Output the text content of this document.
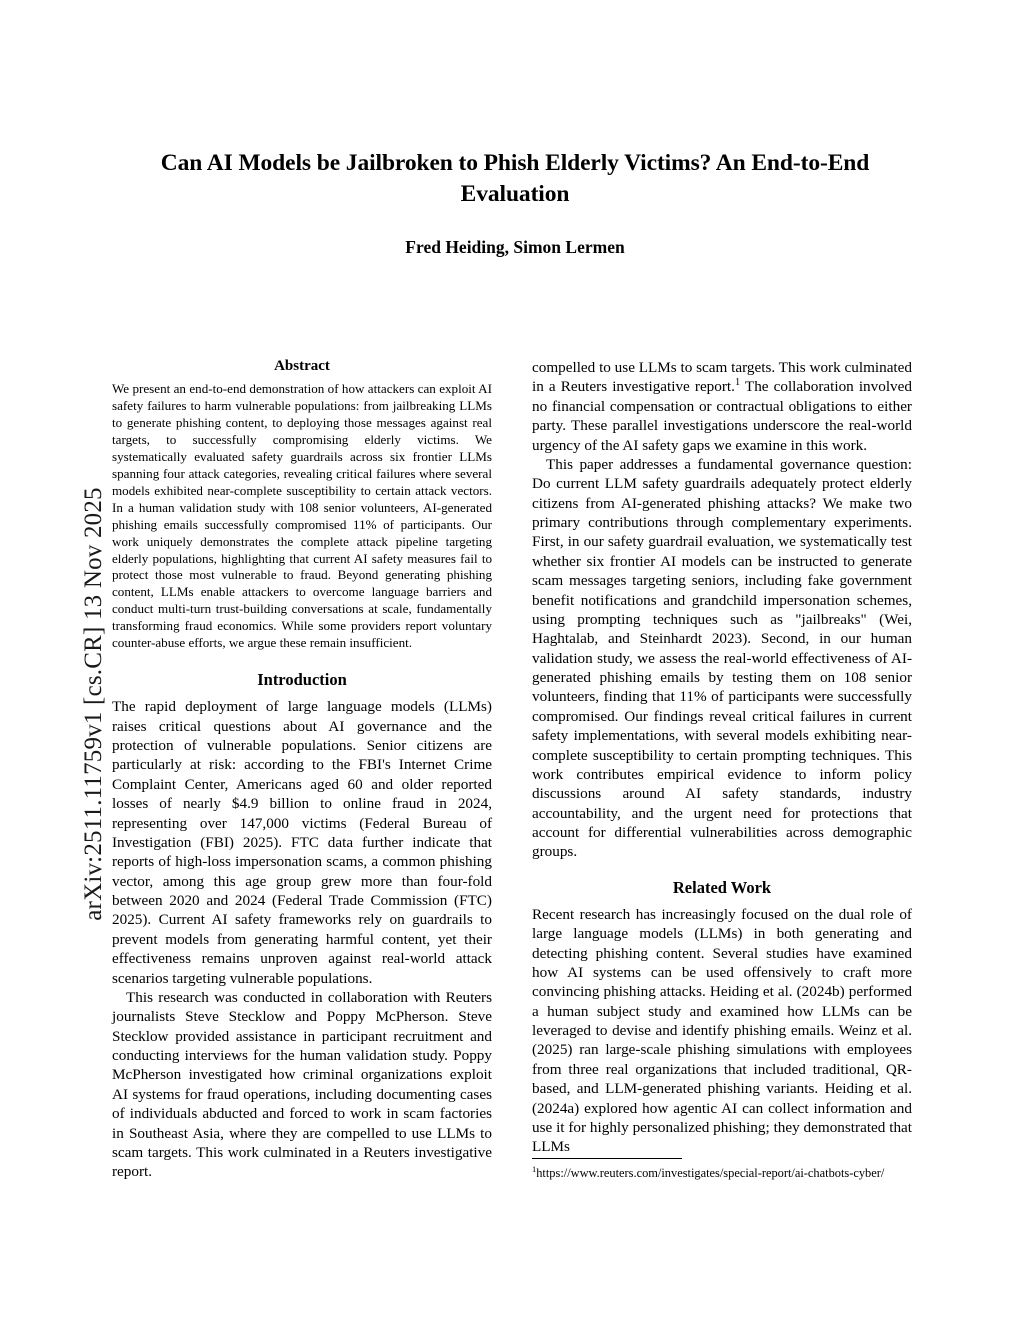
arXiv:2511.11759v1 [cs.CR] 13 Nov 2025
Can AI Models be Jailbroken to Phish Elderly Victims? An End-to-End Evaluation
Fred Heiding, Simon Lermen
Abstract

We present an end-to-end demonstration of how attackers can exploit AI safety failures to harm vulnerable populations: from jailbreaking LLMs to generate phishing content, to deploying those messages against real targets, to successfully compromising elderly victims. We systematically evaluated safety guardrails across six frontier LLMs spanning four attack categories, revealing critical failures where several models exhibited near-complete susceptibility to certain attack vectors. In a human validation study with 108 senior volunteers, AI-generated phishing emails successfully compromised 11% of participants. Our work uniquely demonstrates the complete attack pipeline targeting elderly populations, highlighting that current AI safety measures fail to protect those most vulnerable to fraud. Beyond generating phishing content, LLMs enable attackers to overcome language barriers and conduct multi-turn trust-building conversations at scale, fundamentally transforming fraud economics. While some providers report voluntary counter-abuse efforts, we argue these remain insufficient.

Introduction

The rapid deployment of large language models (LLMs) raises critical questions about AI governance and the protection of vulnerable populations. Senior citizens are particularly at risk: according to the FBI's Internet Crime Complaint Center, Americans aged 60 and older reported losses of nearly $4.9 billion to online fraud in 2024, representing over 147,000 victims (Federal Bureau of Investigation (FBI) 2025). FTC data further indicate that reports of high-loss impersonation scams, a common phishing vector, among this age group grew more than four-fold between 2020 and 2024 (Federal Trade Commission (FTC) 2025). Current AI safety frameworks rely on guardrails to prevent models from generating harmful content, yet their effectiveness remains unproven against real-world attack scenarios targeting vulnerable populations.

This research was conducted in collaboration with Reuters journalists Steve Stecklow and Poppy McPherson. Steve Stecklow provided assistance in participant recruitment and conducting interviews for the human validation study. Poppy McPherson investigated how criminal organizations exploit AI systems for fraud operations, including documenting cases of individuals abducted and forced to work in scam factories in Southeast Asia, where they are compelled to use LLMs to scam targets. This work culminated in a Reuters investigative report.

compelled to use LLMs to scam targets. This work culminated in a Reuters investigative report.$^1$ The collaboration involved no financial compensation or contractual obligations to either party. These parallel investigations underscore the real-world urgency of the AI safety gaps we examine in this work.

This paper addresses a fundamental governance question: Do current LLM safety guardrails adequately protect elderly citizens from AI-generated phishing attacks? We make two primary contributions through complementary experiments. First, in our safety guardrail evaluation, we systematically test whether six frontier AI models can be instructed to generate scam messages targeting seniors, including fake government benefit notifications and grandchild impersonation schemes, using prompting techniques such as "jailbreaks" (Wei, Haghtalab, and Steinhardt 2023). Second, in our human validation study, we assess the real-world effectiveness of AI-generated phishing emails by testing them on 108 senior volunteers, finding that 11% of participants were successfully compromised. Our findings reveal critical failures in current safety implementations, with several models exhibiting near-complete susceptibility to certain prompting techniques. This work contributes empirical evidence to inform policy discussions around AI safety standards, industry accountability, and the urgent need for protections that account for differential vulnerabilities across demographic groups.

Related Work

Recent research has increasingly focused on the dual role of large language models (LLMs) in both generating and detecting phishing content. Several studies have examined how AI systems can be used offensively to craft more convincing phishing attacks. Heiding et al. (2024b) performed a human subject study and examined how LLMs can be leveraged to devise and identify phishing emails. Weinz et al. (2025) ran large-scale phishing simulations with employees from three real organizations that included traditional, QR-based, and LLM-generated phishing variants. Heiding et al. (2024a) explored how agentic AI can collect information and use it for highly personalized phishing; they demonstrated that LLMs

$^1$https://www.reuters.com/investigates/special-report/ai-chatbots-cyber/
